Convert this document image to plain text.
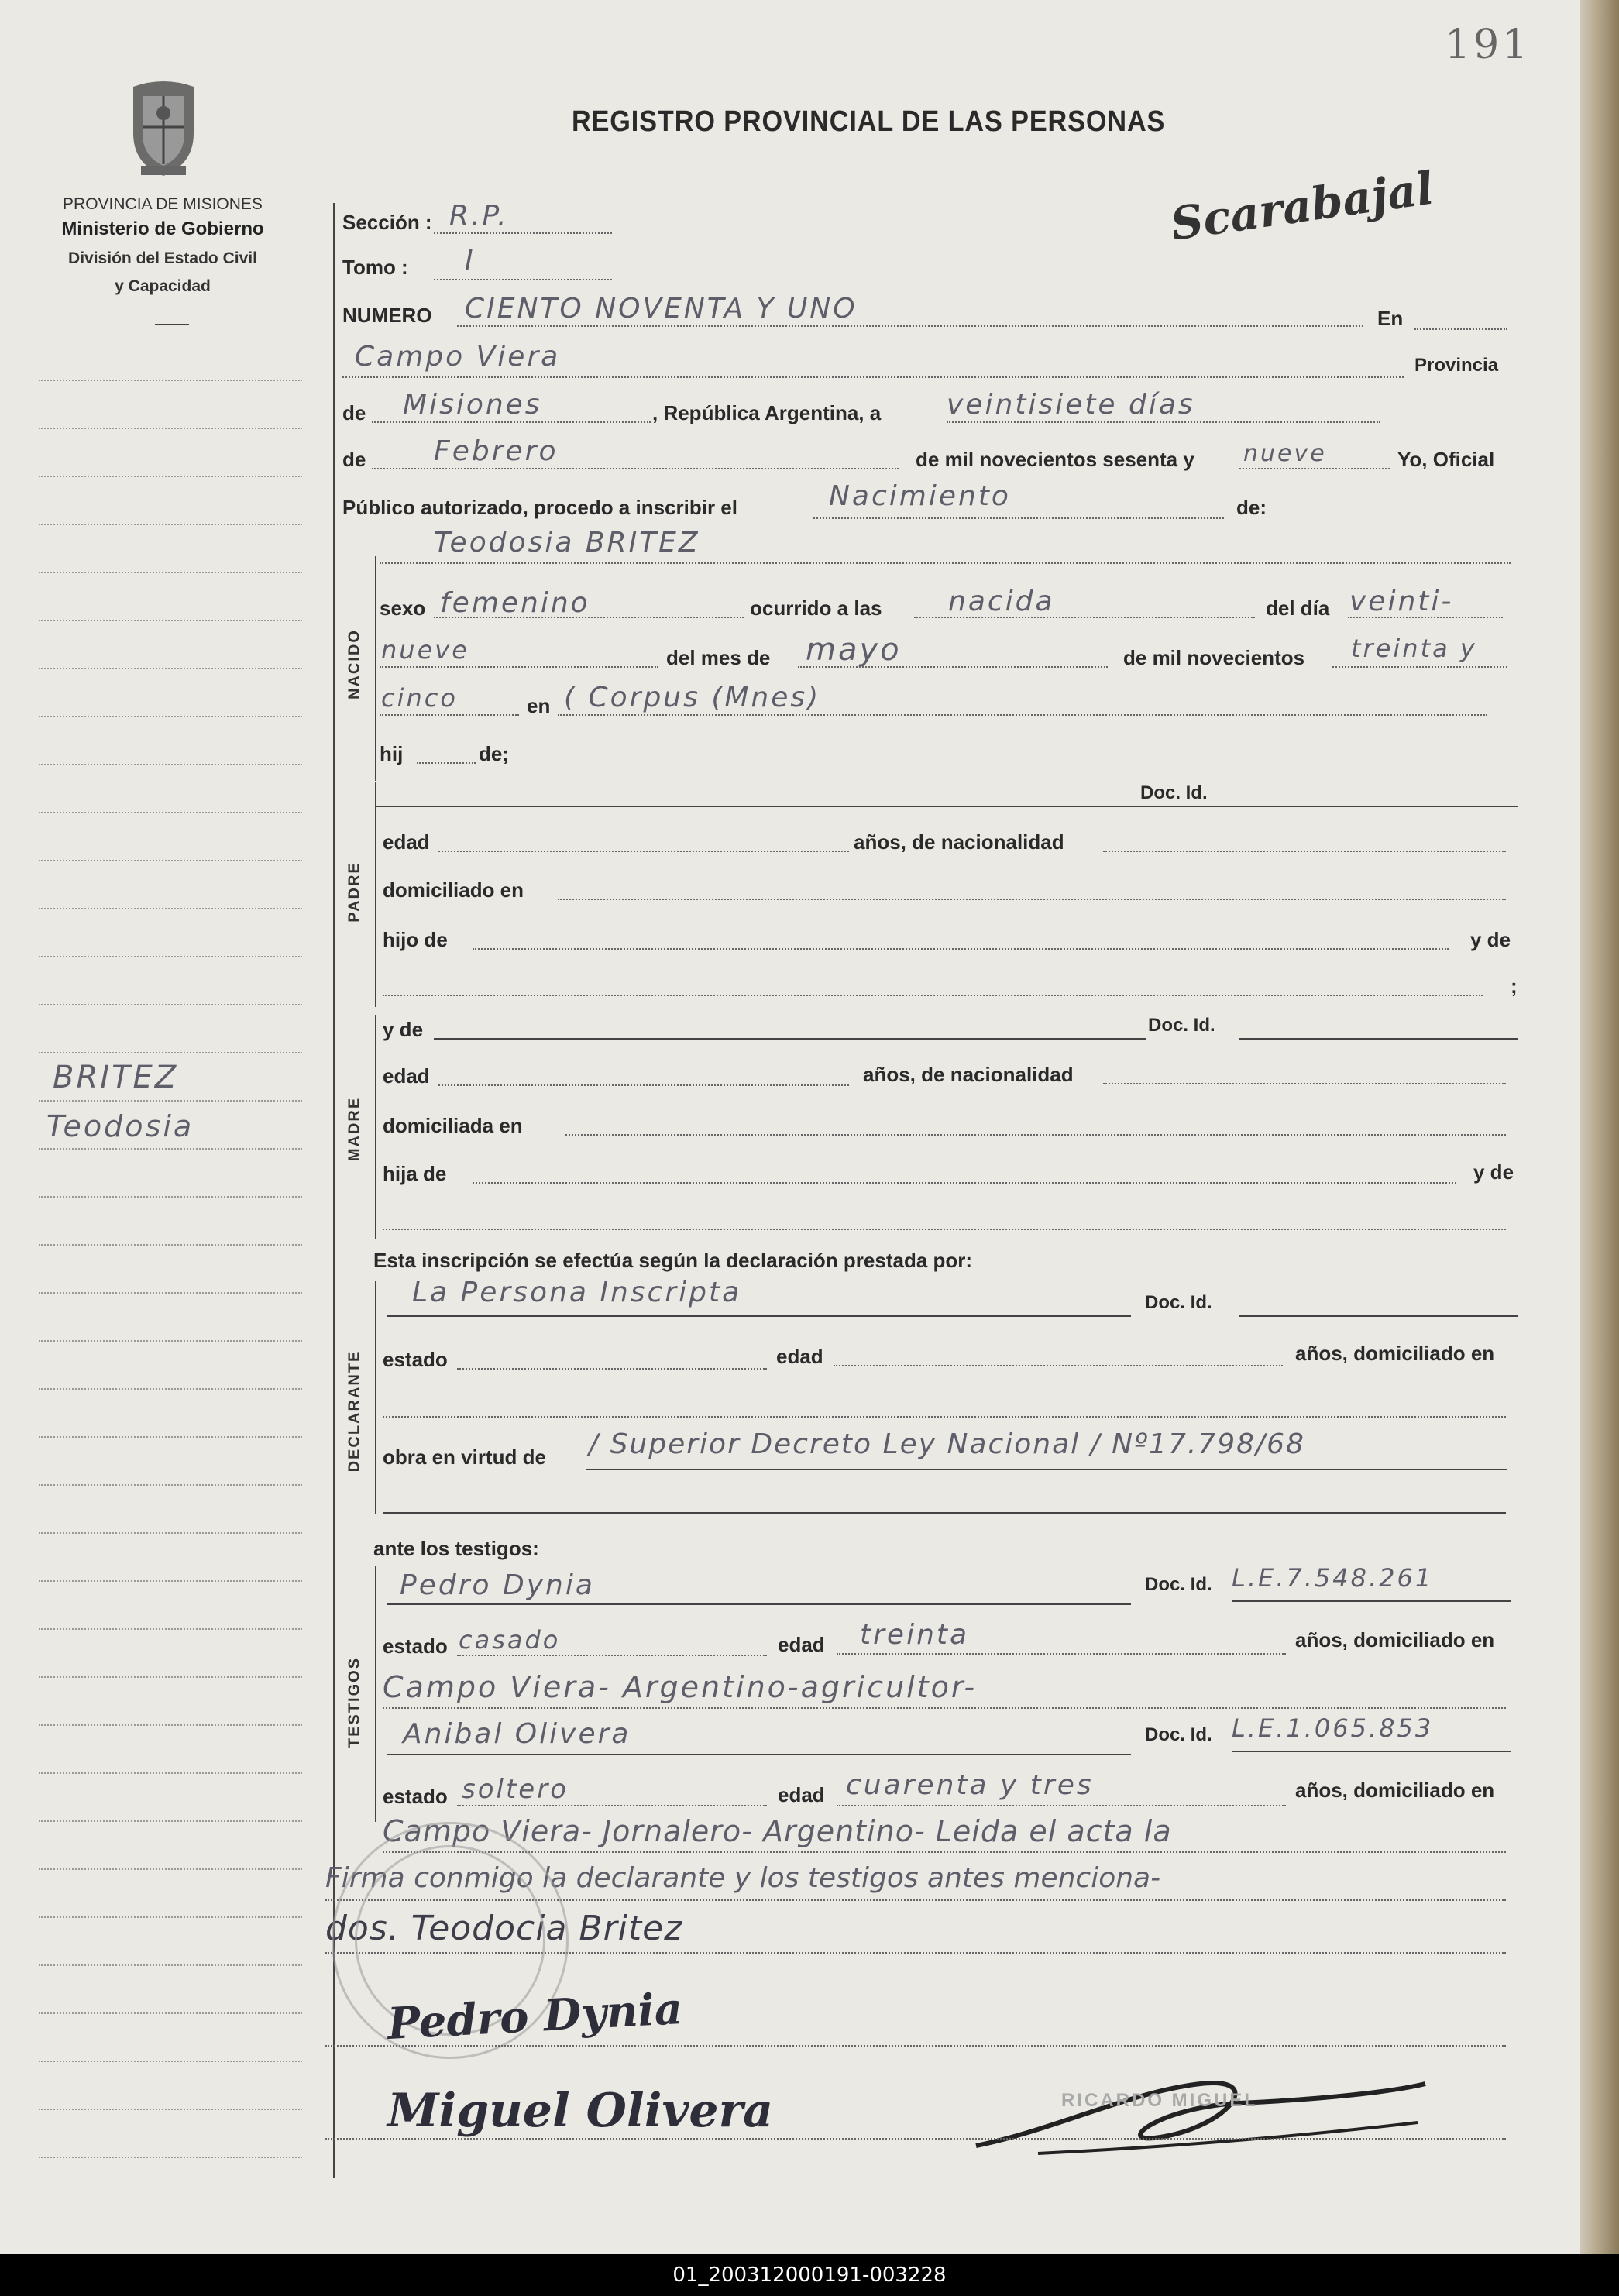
191
PROVINCIA DE MISIONES
Ministerio de Gobierno
División del Estado Civil
y Capacidad
REGISTRO PROVINCIAL DE LAS PERSONAS
Scarabajal
BRITEZ
Teodosia
Sección : R.P.
Tomo : I
NUMERO CIENTO NOVENTA Y UNO	En
Campo Viera	Provincia
de Misiones	, República Argentina, a veintisiete días
de Febrero	de mil novecientos sesenta y nueve	Yo, Oficial
Público autorizado, procedo a inscribir el	Nacimiento	de:
NACIDO
Teodosia BRITEZ
sexo femenino	ocurrido a las nacida	del día veinti-
nueve	del mes de mayo	de mil novecientos treinta y
cinco	en ( Corpus (Mnes)
hij	de;
PADRE
Doc. Id.
edad	años, de nacionalidad
domiciliado en
hijo de	y de
;
MADRE
y de	Doc. Id.
edad	años, de nacionalidad
domiciliada en
hija de	y de
Esta inscripción se efectúa según la declaración prestada por:
DECLARANTE
La Persona Inscripta	Doc. Id.
estado	edad	años, domiciliado en
obra en virtud de / Superior Decreto Ley Nacional / Nº17.798/68
ante los testigos:
TESTIGOS
Pedro Dynia	Doc. Id. L.E.7.548.261
estado casado	edad treinta	años, domiciliado en
Campo Viera- Argentino-agricultor-
Anibal Olivera	Doc. Id. L.E.1.065.853
estado soltero	edad cuarenta y tres	años, domiciliado en
Campo Viera- Jornalero- Argentino- Leida el acta la
Firma conmigo la declarante y los testigos antes menciona-
dos. Teodocia Britez
Pedro Dynia
Miguel Olivera	RICARDO MIGUEL
01_200312000191-003228
